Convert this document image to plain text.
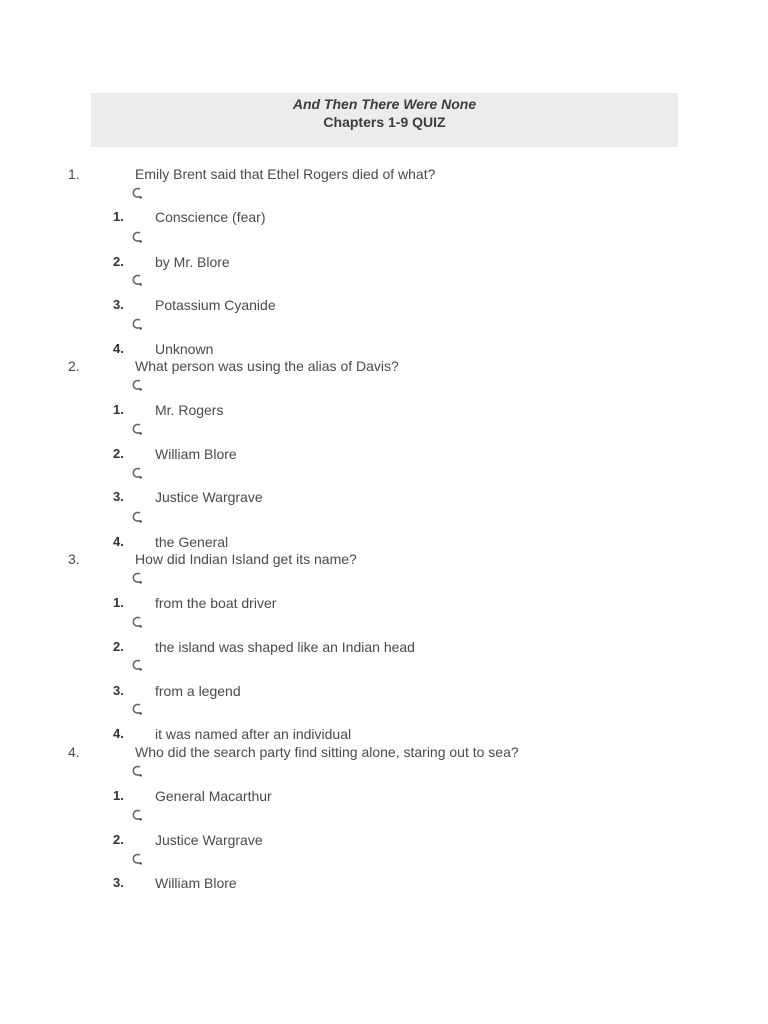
And Then There Were None
Chapters 1-9 QUIZ
1.	Emily Brent said that Ethel Rogers died of what?
1. Conscience (fear)
2. by Mr. Blore
3. Potassium Cyanide
4. Unknown
2.	What person was using the alias of Davis?
1. Mr. Rogers
2. William Blore
3. Justice Wargrave
4. the General
3.	How did Indian Island get its name?
1. from the boat driver
2. the island was shaped like an Indian head
3. from a legend
4. it was named after an individual
4.	Who did the search party find sitting alone, staring out to sea?
1. General Macarthur
2. Justice Wargrave
3. William Blore
